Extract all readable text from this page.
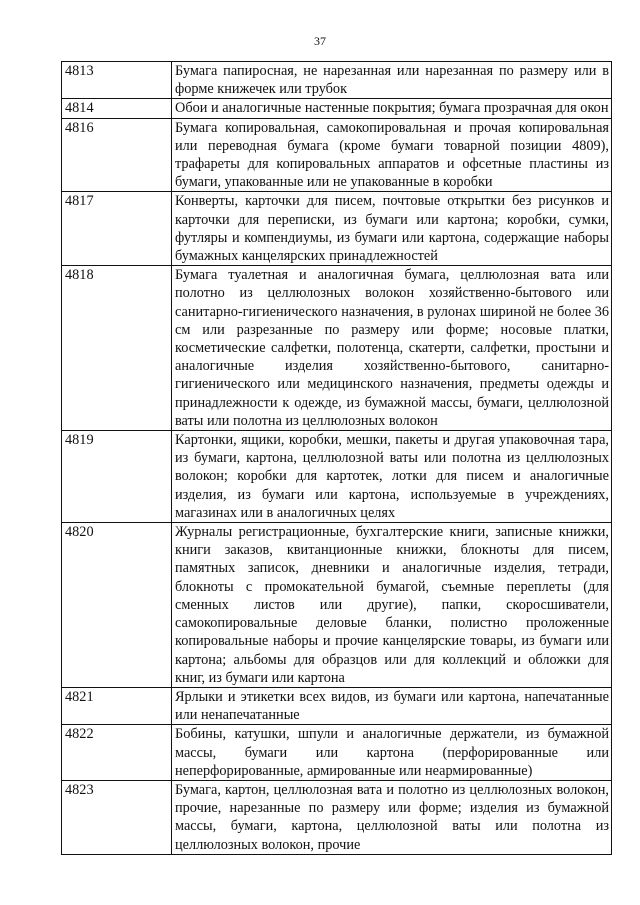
37
4813	Бумага папиросная, не нарезанная или нарезанная по размеру или в форме книжечек или трубок
4814	Обои и аналогичные настенные покрытия; бумага прозрачная для окон
4816	Бумага копировальная, самокопировальная и прочая копировальная или переводная бумага (кроме бумаги товарной позиции 4809), трафареты для копировальных аппаратов и офсетные пластины из бумаги, упакованные или не упакованные в коробки
4817	Конверты, карточки для писем, почтовые открытки без рисунков и карточки для переписки, из бумаги или картона; коробки, сумки, футляры и компендиумы, из бумаги или картона, содержащие наборы бумажных канцелярских принадлежностей
4818	Бумага туалетная и аналогичная бумага, целлюлозная вата или полотно из целлюлозных волокон хозяйственно-бытового или санитарно-гигиенического назначения, в рулонах шириной не более 36 см или разрезанные по размеру или форме; носовые платки, косметические салфетки, полотенца, скатерти, салфетки, простыни и аналогичные изделия хозяйственно-бытового, санитарно-гигиенического или медицинского назначения, предметы одежды и принадлежности к одежде, из бумажной массы, бумаги, целлюлозной ваты или полотна из целлюлозных волокон
4819	Картонки, ящики, коробки, мешки, пакеты и другая упаковочная тара, из бумаги, картона, целлюлозной ваты или полотна из целлюлозных волокон; коробки для картотек, лотки для писем и аналогичные изделия, из бумаги или картона, используемые в учреждениях, магазинах или в аналогичных целях
4820	Журналы регистрационные, бухгалтерские книги, записные книжки, книги заказов, квитанционные книжки, блокноты для писем, памятных записок, дневники и аналогичные изделия, тетради, блокноты с промокательной бумагой, съемные переплеты (для сменных листов или другие), папки, скоросшиватели, самокопировальные деловые бланки, полистно проложенные копировальные наборы и прочие канцелярские товары, из бумаги или картона; альбомы для образцов или для коллекций и обложки для книг, из бумаги или картона
4821	Ярлыки и этикетки всех видов, из бумаги или картона, напечатанные или ненапечатанные
4822	Бобины, катушки, шпули и аналогичные держатели, из бумажной массы, бумаги или картона (перфорированные или неперфорированные, армированные или неармированные)
4823	Бумага, картон, целлюлозная вата и полотно из целлюлозных волокон, прочие, нарезанные по размеру или форме; изделия из бумажной массы, бумаги, картона, целлюлозной ваты или полотна из целлюлозных волокон, прочие
